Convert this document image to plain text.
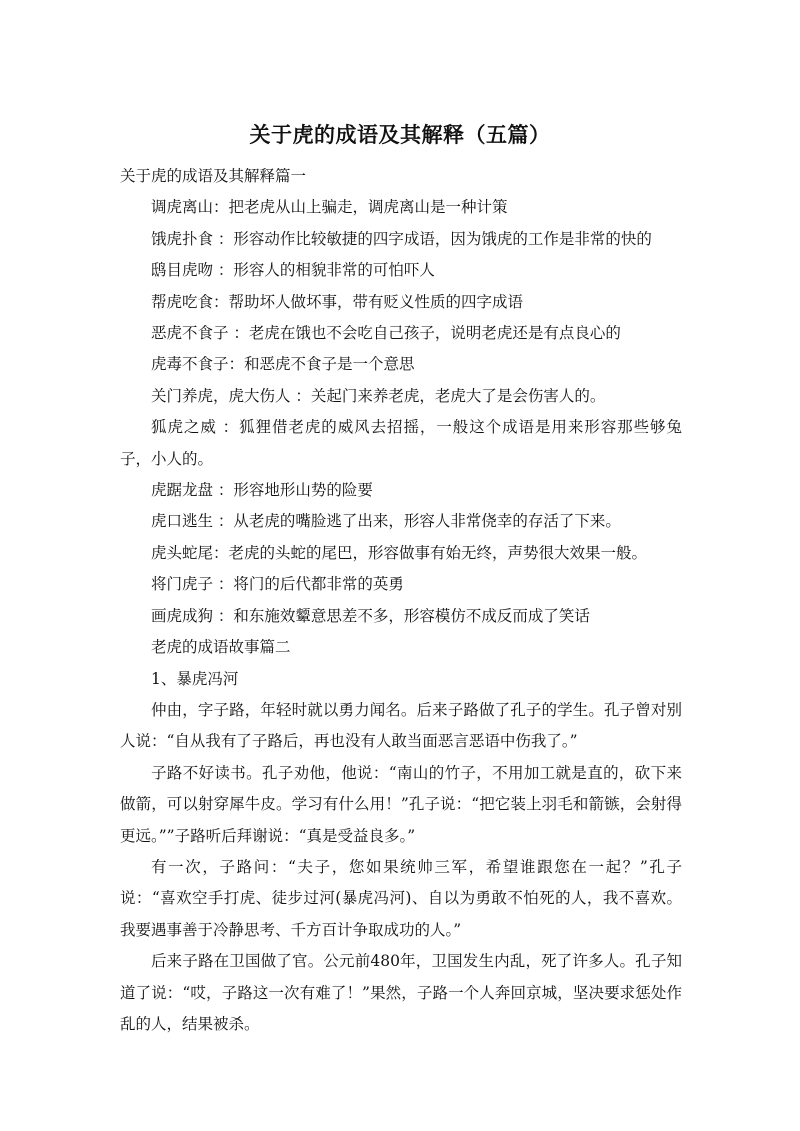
关于虎的成语及其解释（五篇）

关于虎的成语及其解释篇一

调虎离山：把老虎从山上骗走，调虎离山是一种计策

饿虎扑食 ：形容动作比较敏捷的四字成语，因为饿虎的工作是非常的快的

鸱目虎吻 ：形容人的相貌非常的可怕吓人

帮虎吃食：帮助坏人做坏事，带有贬义性质的四字成语

恶虎不食子 ：老虎在饿也不会吃自己孩子，说明老虎还是有点良心的

虎毒不食子：和恶虎不食子是一个意思

关门养虎，虎大伤人 ：关起门来养老虎，老虎大了是会伤害人的。

狐虎之威 ：狐狸借老虎的威风去招摇，一般这个成语是用来形容那些够兔子，小人的。

虎踞龙盘 ：形容地形山势的险要

虎口逃生 ：从老虎的嘴脸逃了出来，形容人非常侥幸的存活了下来。

虎头蛇尾：老虎的头蛇的尾巴，形容做事有始无终，声势很大效果一般。

将门虎子 ：将门的后代都非常的英勇

画虎成狗 ：和东施效颦意思差不多，形容模仿不成反而成了笑话

老虎的成语故事篇二

1、暴虎冯河

仲由，字子路，年轻时就以勇力闻名。后来子路做了孔子的学生。孔子曾对别人说：“自从我有了子路后，再也没有人敢当面恶言恶语中伤我了。”

子路不好读书。孔子劝他，他说：“南山的竹子，不用加工就是直的，砍下来做箭，可以射穿犀牛皮。学习有什么用！”孔子说：“把它装上羽毛和箭镞，会射得更远。””子路听后拜谢说：“真是受益良多。”

有一次，子路问：“夫子，您如果统帅三军，希望谁跟您在一起？”孔子说：“喜欢空手打虎、徒步过河(暴虎冯河)、自以为勇敢不怕死的人，我不喜欢。我要遇事善于冷静思考、千方百计争取成功的人。”

后来子路在卫国做了官。公元前480年，卫国发生内乱，死了许多人。孔子知道了说：“哎，子路这一次有难了！”果然，子路一个人奔回京城，坚决要求惩处作乱的人，结果被杀。
